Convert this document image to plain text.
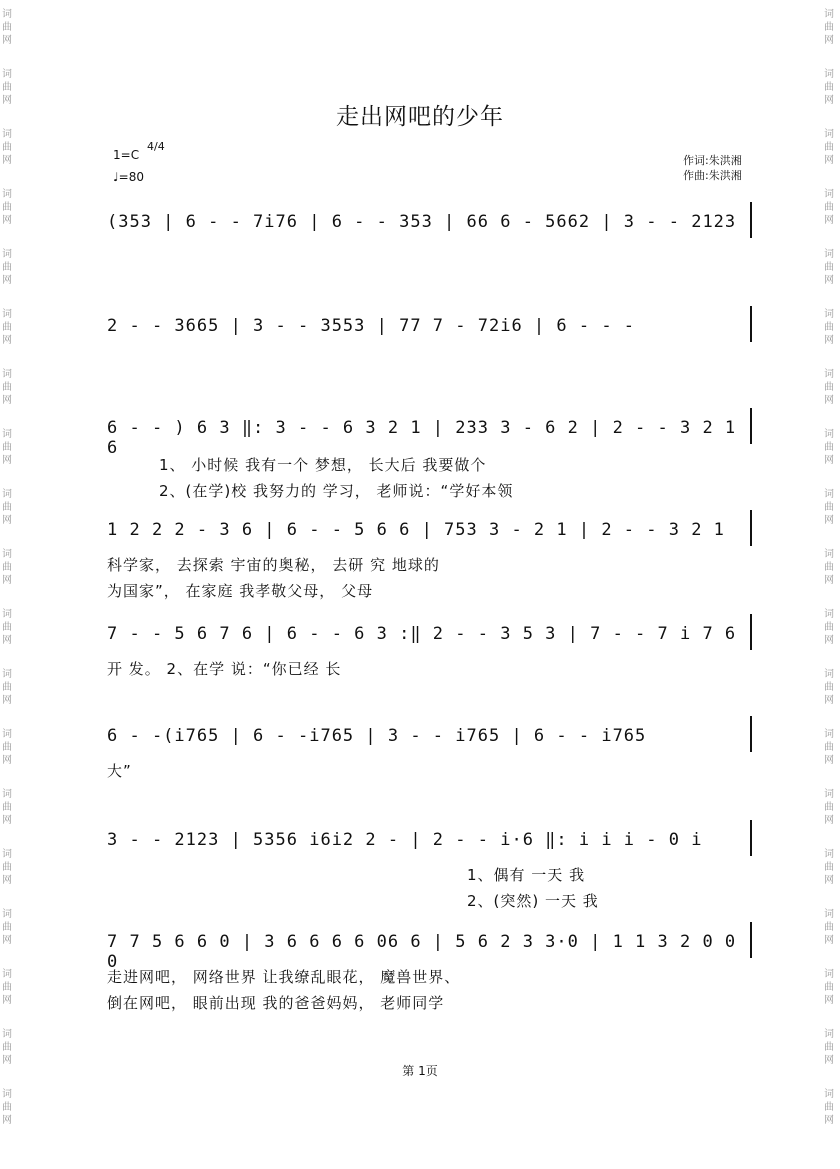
词
曲
网
词
曲
网
词
曲
网
词
曲
网
词
曲
网
词
曲
网
词
曲
网
词
曲
网
词
曲
网
词
曲
网
词
曲
网
词
曲
网
词
曲
网
词
曲
网
词
曲
网
词
曲
网
词
曲
网
词
曲
网
词
曲
网
词
曲
网
词
曲
网
词
曲
网
词
曲
网
词
曲
网
词
曲
网
词
曲
网
词
曲
网
词
曲
网
词
曲
网
词
曲
网
词
曲
网
词
曲
网
词
曲
网
词
曲
网
词
曲
网
词
曲
网
词
曲
网
词
曲
网
走出网吧的少年
1=C
4/4
♩=80
作词:朱洪湘
作曲:朱洪湘
(353 | 6 - - 7i76 | 6 - - 353 | 66 6 - 5662 | 3 - - 2123
2 - - 3665 | 3 - - 3553 | 77 7 - 72i6 | 6 - - -
6 - - ) 6 3 ‖: 3 - - 6 3 2 1 | 233 3 - 6 2 | 2 - - 3 2 1 6
1、 小时候 我有一个 梦想， 长大后 我要做个
2、(在学)校 我努力的 学习， 老师说：“学好本领
1 2 2 2 - 3 6 | 6 - - 5 6 6 | 753 3 - 2 1 | 2 - - 3 2 1
科学家， 去探索 宇宙的奥秘， 去研 究 地球的
为国家”， 在家庭 我孝敬父母， 父母
7 - - 5 6 7 6 | 6 - - 6 3 :‖ 2 - - 3 5 3 | 7 - - 7 i 7 6
开 发。 2、在学 说：“你已经 长
6 - -(i765 | 6 - -i765 | 3 - - i765 | 6 - - i765
大”
3 - - 2123 | 5356 i6i2 2 - | 2 - - i·6 ‖: i i i - 0 i
1、偶有 一天 我
2、(突然) 一天 我
7 7 5 6 6 0 | 3 6 6 6 6 06 6 | 5 6 2 3 3·0 | 1 1 3 2 0 0 0
走进网吧， 网络世界 让我缭乱眼花， 魔兽世界、
倒在网吧， 眼前出现 我的爸爸妈妈， 老师同学
第 1页
